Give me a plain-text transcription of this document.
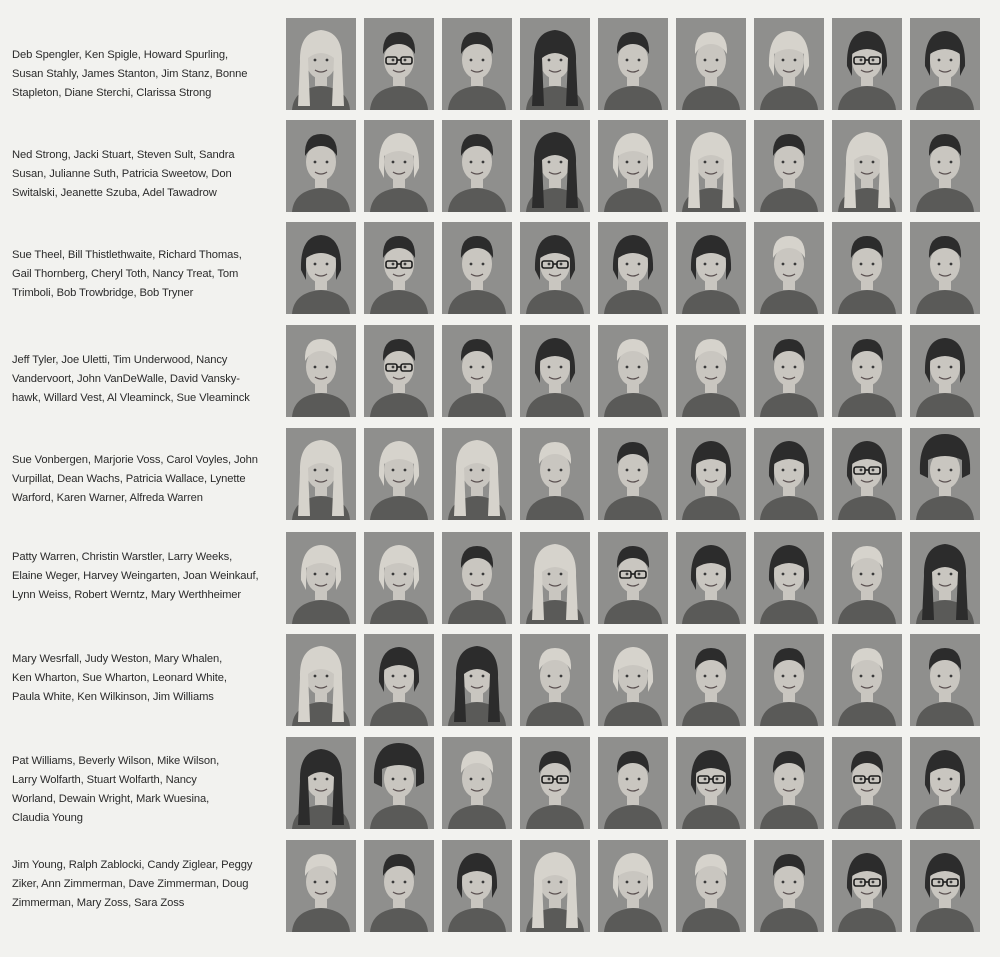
Deb Spengler, Ken Spigle, Howard Spurling,
Susan Stahly, James Stanton, Jim Stanz, Bonne
Stapleton, Diane Sterchi, Clarissa Strong
Ned Strong, Jacki Stuart, Steven Sult, Sandra
Susan, Julianne Suth, Patricia Sweetow, Don
Switalski, Jeanette Szuba, Adel Tawadrow
Sue Theel, Bill Thistlethwaite, Richard Thomas,
Gail Thornberg, Cheryl Toth, Nancy Treat, Tom
Trimboli, Bob Trowbridge, Bob Tryner
Jeff Tyler, Joe Uletti, Tim Underwood, Nancy
Vandervoort, John VanDeWalle, David Vansky-
hawk, Willard Vest, Al Vleaminck, Sue Vleaminck
Sue Vonbergen, Marjorie Voss, Carol Voyles, John
Vurpillat, Dean Wachs, Patricia Wallace, Lynette
Warford, Karen Warner, Alfreda Warren
Patty Warren, Christin Warstler, Larry Weeks,
Elaine Weger, Harvey Weingarten, Joan Weinkauf,
Lynn Weiss, Robert Werntz, Mary Werthheimer
Mary Wesrfall, Judy Weston, Mary Whalen,
Ken Wharton, Sue Wharton, Leonard White,
Paula White, Ken Wilkinson, Jim Williams
Pat Williams, Beverly Wilson, Mike Wilson,
Larry Wolfarth, Stuart Wolfarth, Nancy
Worland, Dewain Wright, Mark Wuesina,
Claudia Young
Jim Young, Ralph Zablocki, Candy Ziglear, Peggy
Ziker, Ann Zimmerman, Dave Zimmerman, Doug
Zimmerman, Mary Zoss, Sara Zoss
